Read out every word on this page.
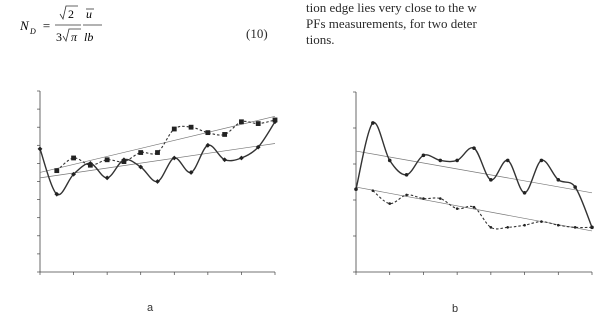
N D =
2 u
3 π lb	(10)
tion edge lies very close to the w
PFs measurements, for two deter
tions.
a	b
